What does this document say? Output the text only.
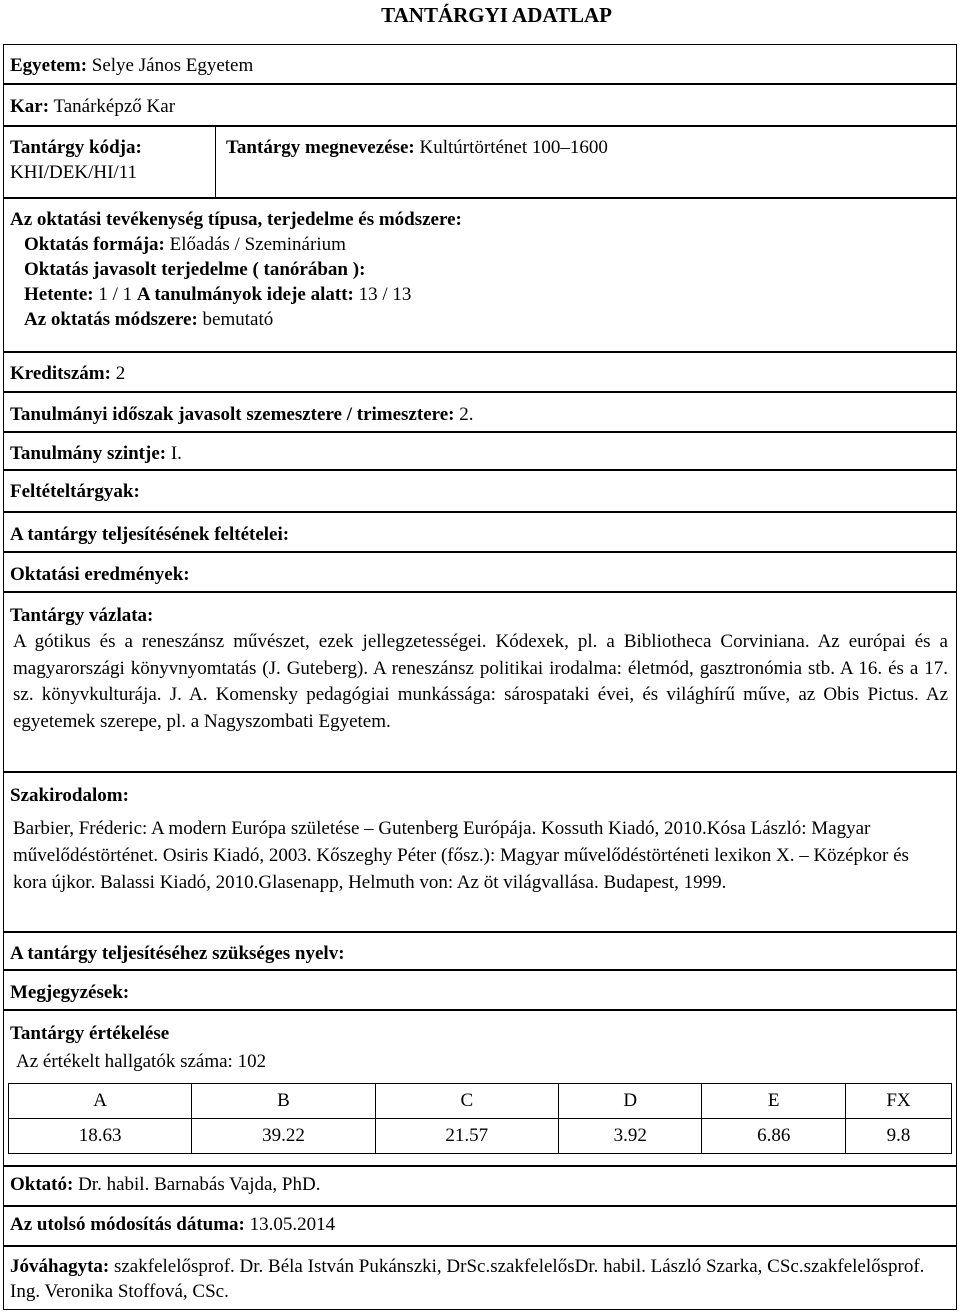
TANTÁRGYI ADATLAP
Egyetem: Selye János Egyetem
Kar: Tanárképző Kar
Tantárgy kódja:
KHI/DEK/HI/11
Tantárgy megnevezése: Kultúrtörténet 100–1600

Az oktatási tevékenység típusa, terjedelme és módszere:

Oktatás formája: Előadás / Szeminárium

Oktatás javasolt terjedelme ( tanórában ):

Hetente: 1 / 1 A tanulmányok ideje alatt: 13 / 13

Az oktatás módszere: bemutató

Kreditszám: 2
Tanulmányi időszak javasolt szemesztere / trimesztere: 2.
Tanulmány szintje: I.
Feltételtárgyak:
A tantárgy teljesítésének feltételei:
Oktatási eredmények:
Tantárgy vázlata:
A gótikus és a reneszánsz művészet, ezek jellegzetességei. Kódexek, pl. a Bibliotheca Corviniana. Az európai és a magyarországi könyvnyomtatás (J. Guteberg). A reneszánsz politikai irodalma: életmód, gasztronómia stb. A 16. és a 17. sz. könyvkulturája. J. A. Komensky pedagógiai munkássága: sárospataki évei, és világhírű műve, az Obis Pictus. Az egyetemek szerepe, pl. a Nagyszombati Egyetem.
Szakirodalom:
Barbier, Fréderic: A modern Európa születése – Gutenberg Európája. Kossuth Kiadó, 2010.Kósa László: Magyar művelődéstörténet. Osiris Kiadó, 2003. Kőszeghy Péter (fősz.): Magyar művelődéstörténeti lexikon X. – Középkor és kora újkor. Balassi Kiadó, 2010.Glasenapp, Helmuth von: Az öt világvallása. Budapest, 1999.
A tantárgy teljesítéséhez szükséges nyelv:
Megjegyzések:
Tantárgy értékelése
Az értékelt hallgatók száma: 102
A	B	C	D	E	FX
18.63	39.22	21.57	3.92	6.86	9.8
Oktató: Dr. habil. Barnabás Vajda, PhD.
Az utolsó módosítás dátuma: 13.05.2014
Jóváhagyta: szakfelelősprof. Dr. Béla István Pukánszki, DrSc.szakfelelősDr. habil. László Szarka, CSc.szakfelelősprof. Ing. Veronika Stoffová, CSc.
